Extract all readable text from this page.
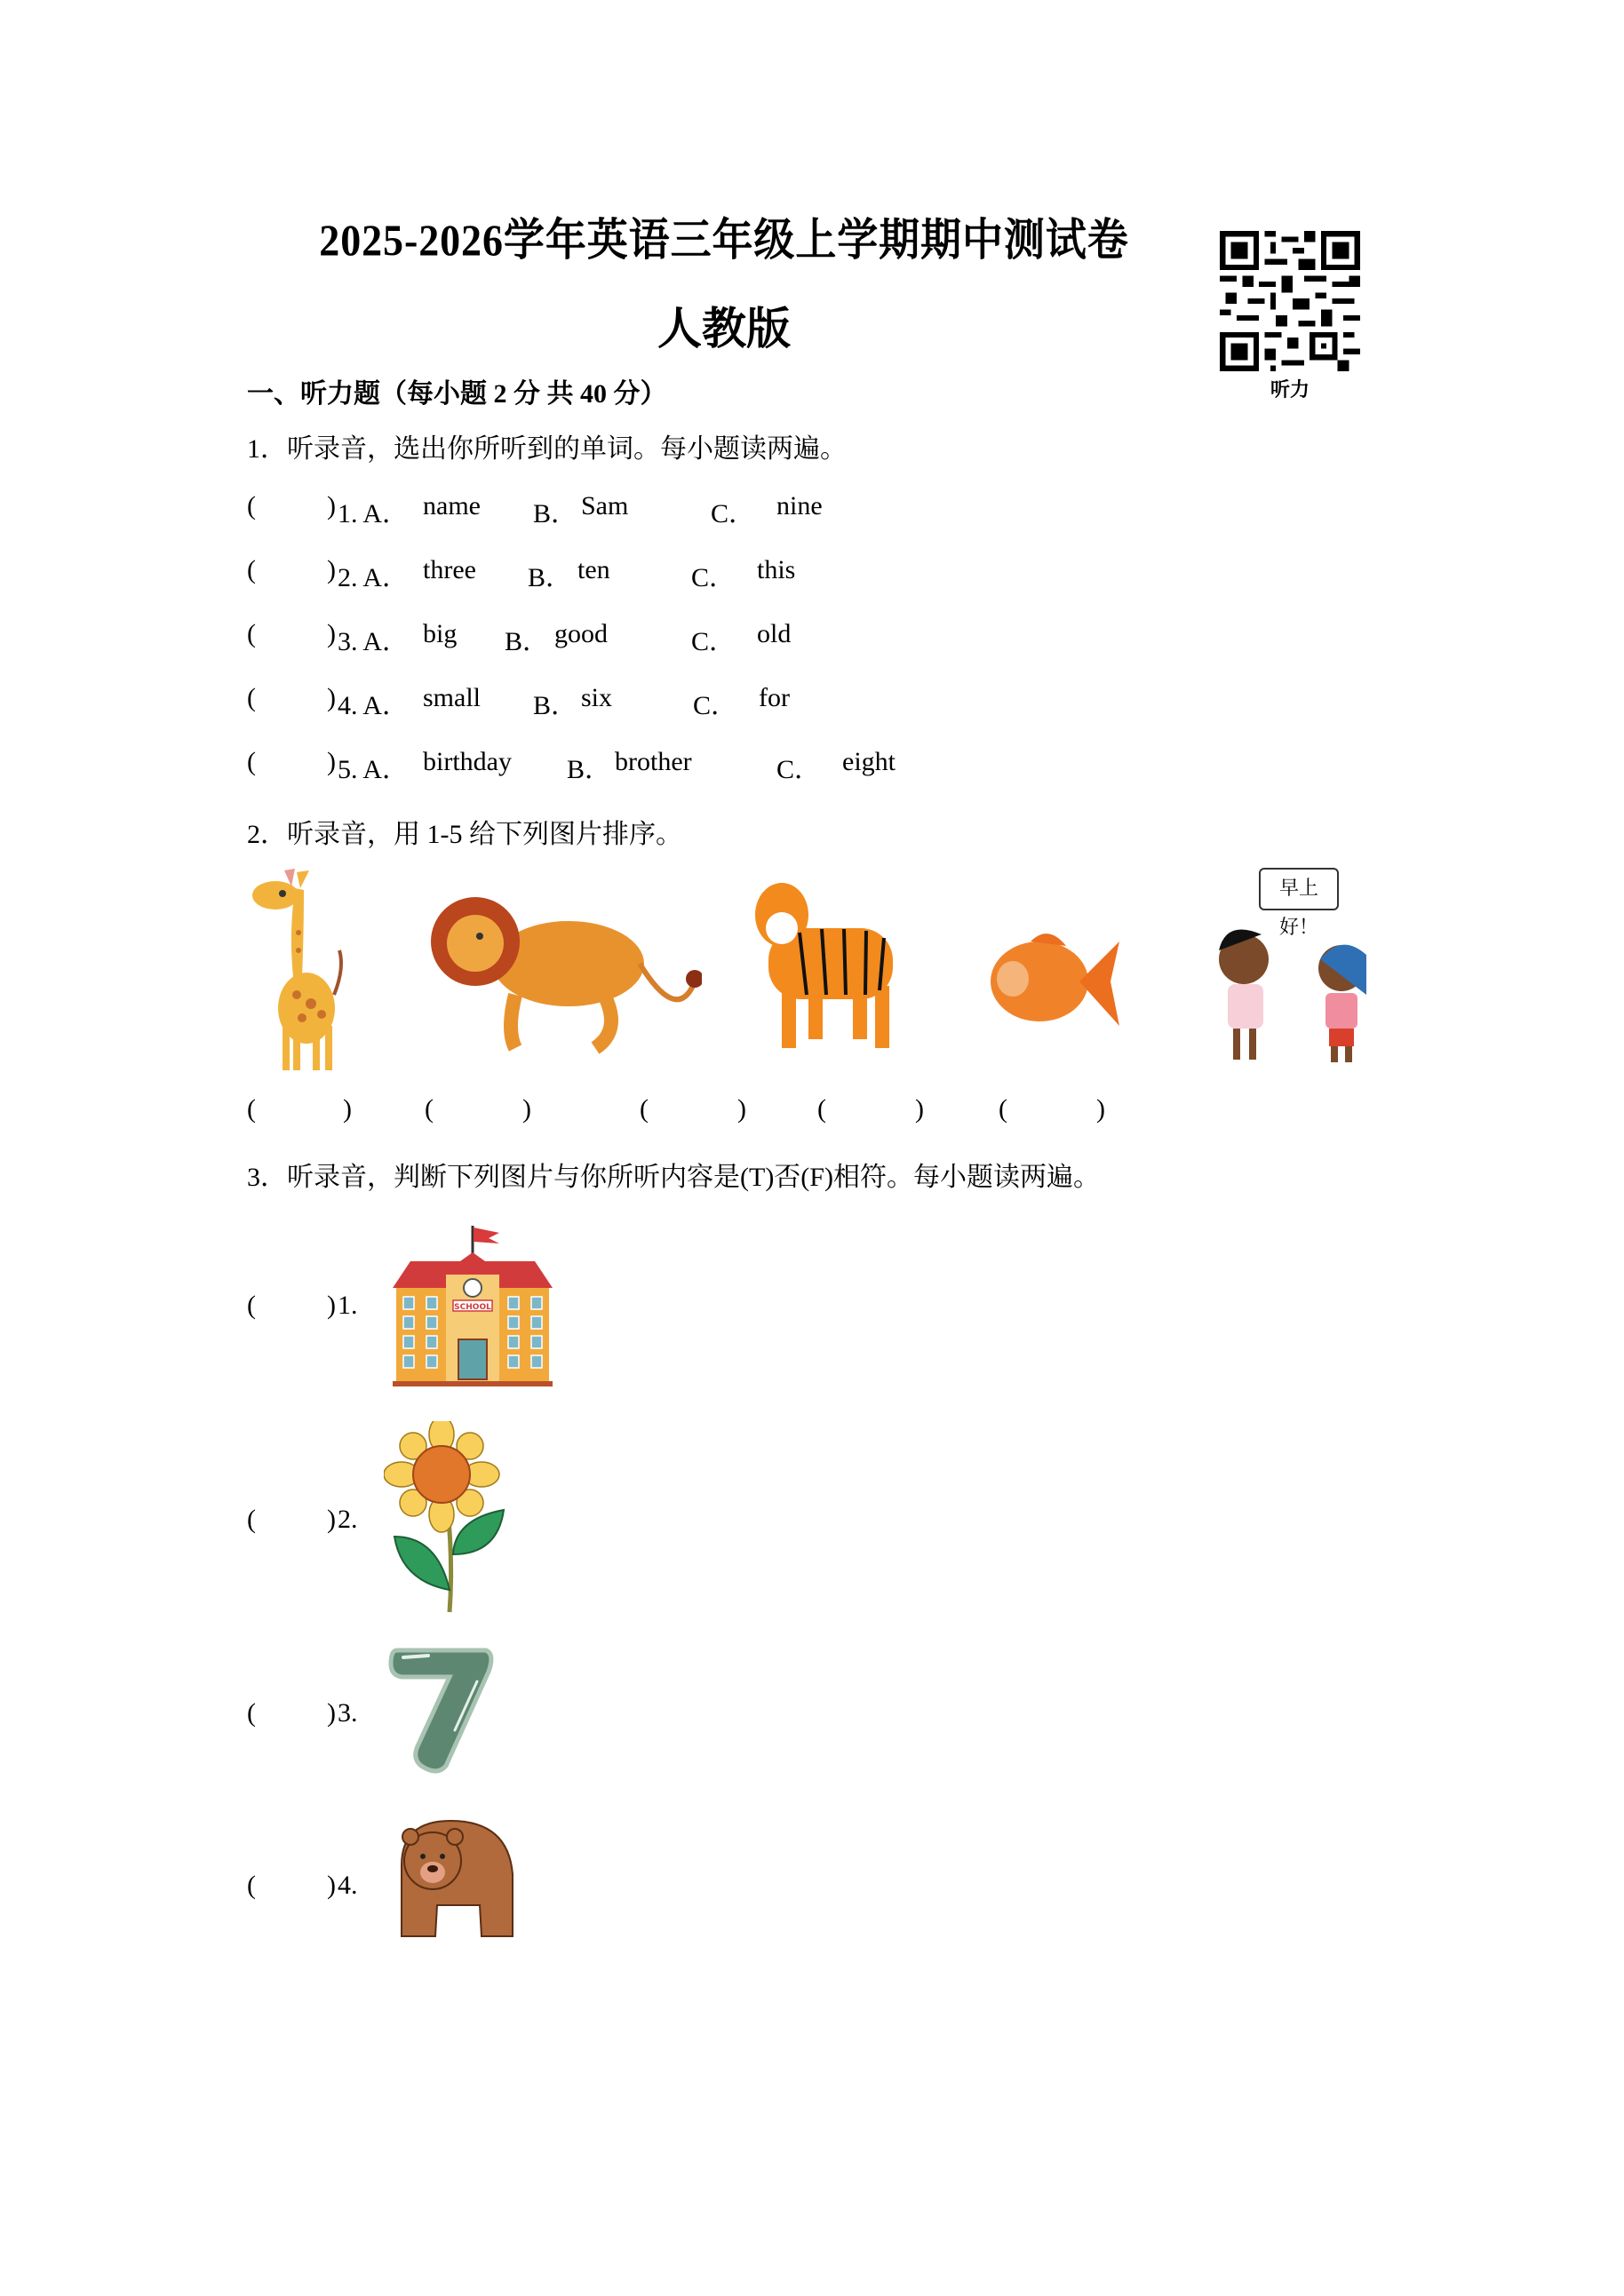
2025-2026学年英语三年级上学期期中测试卷
人教版
听力
一、听力题（每小题 2 分 共 40 分）
1．听录音，选出你所听到的单词。每小题读两遍。
(	) 1. A． name B． Sam	C． nine
(	) 2. A． three B． ten	C． this
(	) 3. A． big B． good	C． old
(	) 4. A． small B． six	C． for
(	) 5. A． birthday B． brother	C． eight
2．听录音，用 1-5 给下列图片排序。
早上好！
(	)	(	)	(	)	(	)	(	)
3．听录音，判断下列图片与你所听内容是(T)否(F)相符。每小题读两遍。
(	) 1.	SCHOOL
(	) 2.
(	) 3.
(	) 4.
